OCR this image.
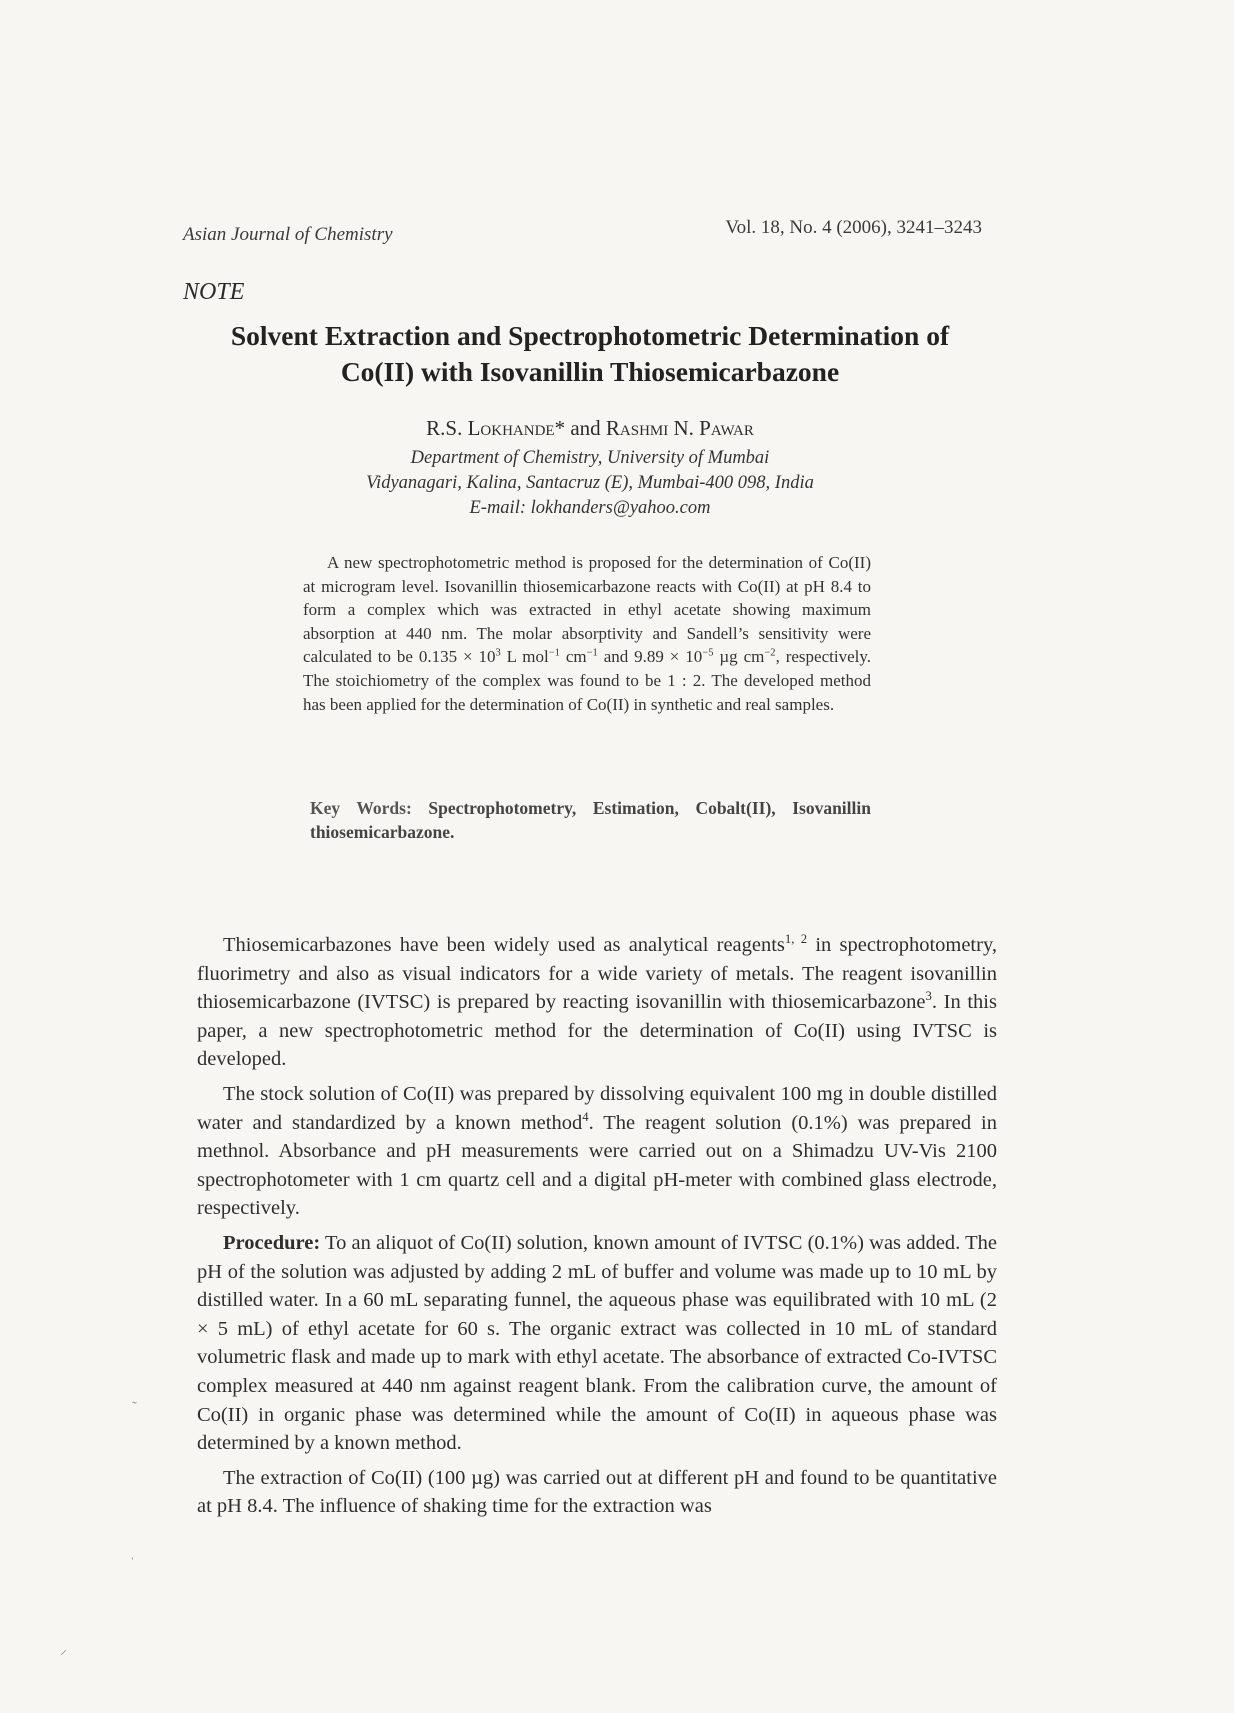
Asian Journal of Chemistry	Vol. 18, No. 4 (2006), 3241–3243
NOTE
Solvent Extraction and Spectrophotometric Determination of
Co(II) with Isovanillin Thiosemicarbazone
R.S. Lokhande* and Rashmi N. Pawar
Department of Chemistry, University of Mumbai
Vidyanagari, Kalina, Santacruz (E), Mumbai-400 098, India
E-mail: lokhanders@yahoo.com

A new spectrophotometric method is proposed for the determination of Co(II) at microgram level. Isovanillin thiosemicarbazone reacts with Co(II) at pH 8.4 to form a complex which was extracted in ethyl acetate showing maximum absorption at 440 nm. The molar absorptivity and Sandell’s sensitivity were calculated to be $0.135 \times 10^3$ L mol$^{-1}$ $cm^{-1}$ and $9.89 \times 10^{-5}$ µg $cm^{-2}$, respectively. The stoichiometry of the complex was found to be 1 : 2. The developed method has been applied for the determination of Co(II) in synthetic and real samples.

Key Words: Spectrophotometry, Estimation, Cobalt(II), Isovanillin thiosemicarbazone.

Thiosemicarbazones have been widely used as analytical reagents$^{1, 2}$ in spectrophotometry, fluorimetry and also as visual indicators for a wide variety of metals. The reagent isovanillin thiosemicarbazone (IVTSC) is prepared by reacting isovanillin with thiosemicarbazone$^3$. In this paper, a new spectrophotometric method for the determination of Co(II) using IVTSC is developed.

The stock solution of Co(II) was prepared by dissolving equivalent 100 mg in double distilled water and standardized by a known method$^4$. The reagent solution (0.1%) was prepared in methnol. Absorbance and pH measurements were carried out on a Shimadzu UV-Vis 2100 spectrophotometer with 1 cm quartz cell and a digital pH-meter with combined glass electrode, respectively.

Procedure: To an aliquot of Co(II) solution, known amount of IVTSC (0.1%) was added. The pH of the solution was adjusted by adding 2 mL of buffer and volume was made up to 10 mL by distilled water. In a 60 mL separating funnel, the aqueous phase was equilibrated with 10 mL (2 × 5 mL) of ethyl acetate for 60 s. The organic extract was collected in 10 mL of standard volumetric flask and made up to mark with ethyl acetate. The absorbance of extracted Co-IVTSC complex measured at 440 nm against reagent blank. From the calibration curve, the amount of Co(II) in organic phase was determined while the amount of Co(II) in aqueous phase was determined by a known method.

The extraction of Co(II) (100 µg) was carried out at different pH and found to be quantitative at pH 8.4. The influence of shaking time for the extraction was

˜
ˈ
⸝
